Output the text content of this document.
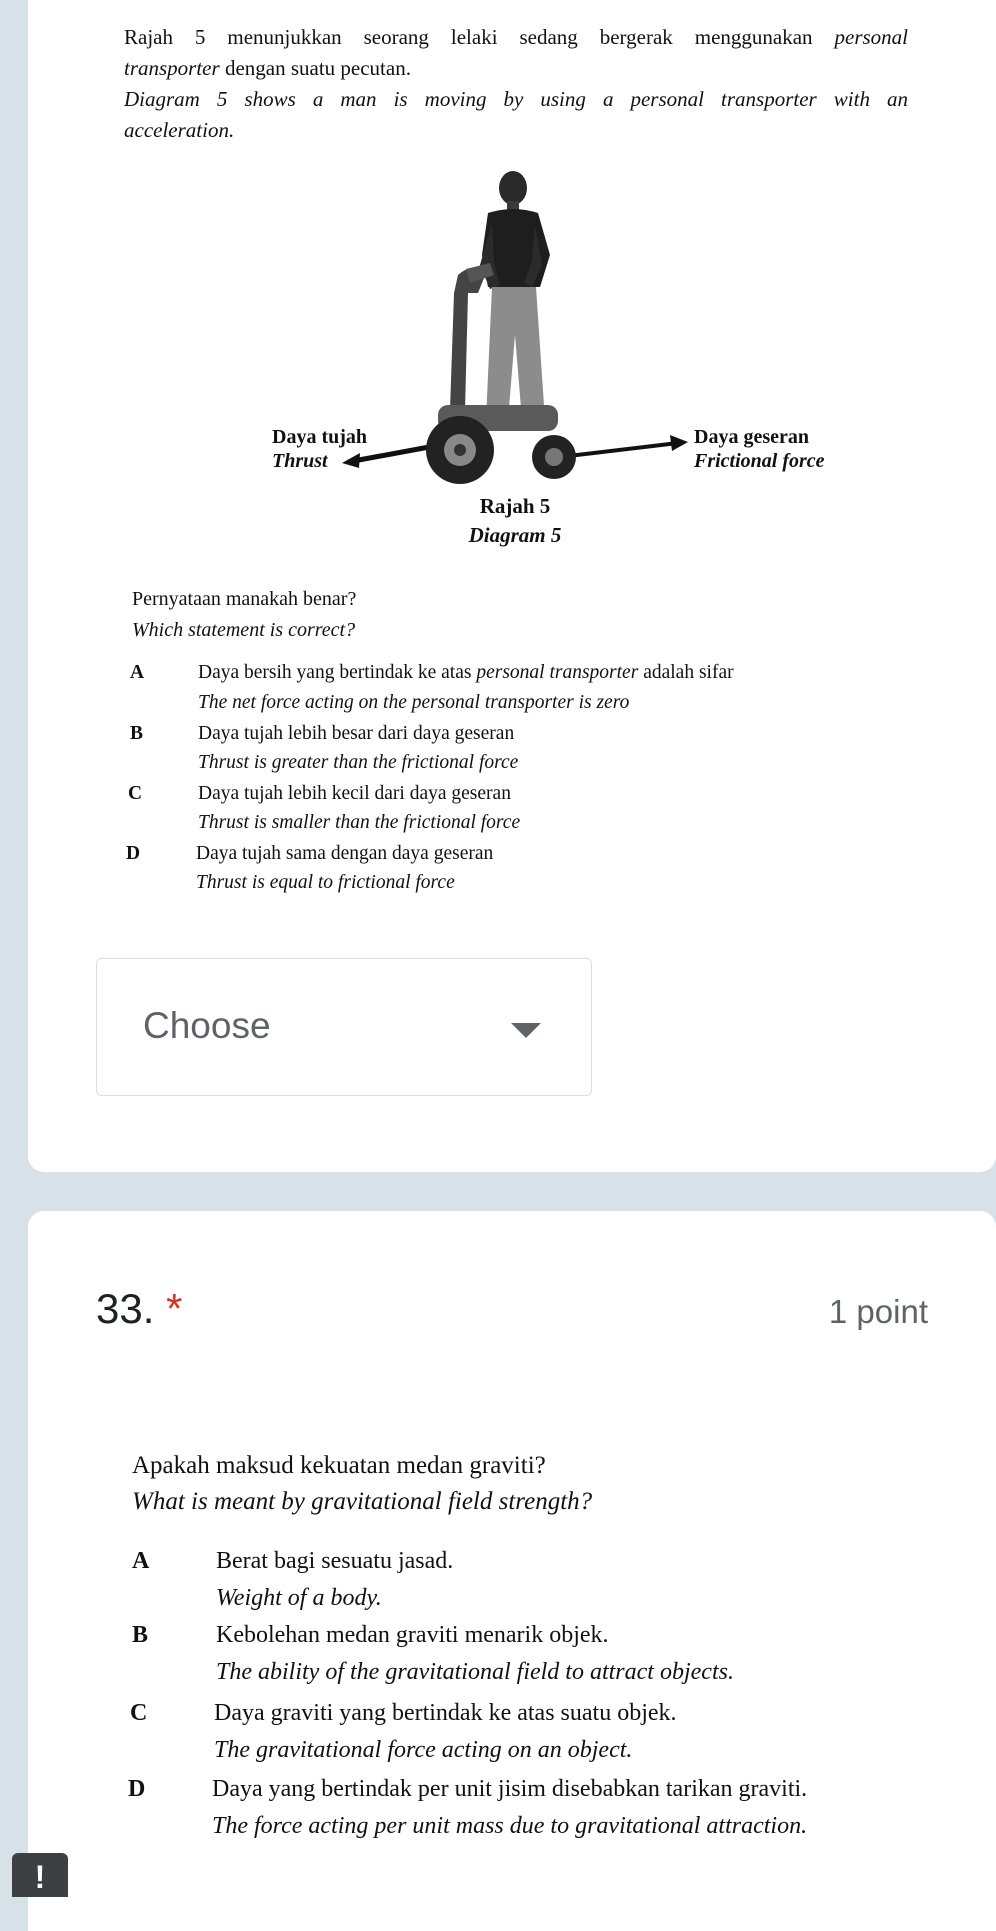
Rajah 5 menunjukkan seorang lelaki sedang bergerak menggunakan personal

transporter dengan suatu pecutan.

Diagram 5 shows a man is moving by using a personal transporter with an

acceleration.

Daya tujah
Thrust
Daya geseran
Frictional force
Rajah 5
Diagram 5
Pernyataan manakah benar?
Which statement is correct?
A	Daya bersih yang bertindak ke atas personal transporter adalah sifar
The net force acting on the personal transporter is zero
B	Daya tujah lebih besar dari daya geseran
Thrust is greater than the frictional force
C	Daya tujah lebih kecil dari daya geseran
Thrust is smaller than the frictional force
D	Daya tujah sama dengan daya geseran
Thrust is equal to frictional force
Choose
33. *	1 point
Apakah maksud kekuatan medan graviti?
What is meant by gravitational field strength?
A	Berat bagi sesuatu jasad.
Weight of a body.
B	Kebolehan medan graviti menarik objek.
The ability of the gravitational field to attract objects.
C	Daya graviti yang bertindak ke atas suatu objek.
The gravitational force acting on an object.
D	Daya yang bertindak per unit jisim disebabkan tarikan graviti.
The force acting per unit mass due to gravitational attraction.
!
